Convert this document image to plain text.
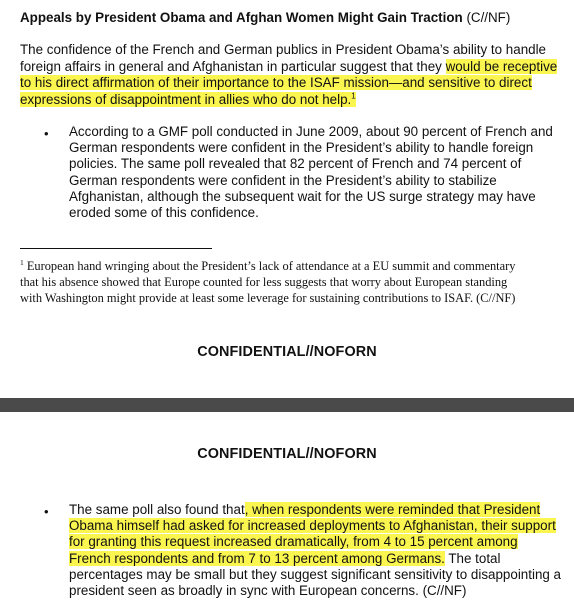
Appeals by President Obama and Afghan Women Might Gain Traction (C//NF)
The confidence of the French and German publics in President Obama’s ability to handle
foreign affairs in general and Afghanistan in particular suggest that they would be receptive
to his direct affirmation of their importance to the ISAF mission—and sensitive to direct
expressions of disappointment in allies who do not help.$^1$
• According to a GMF poll conducted in June 2009, about 90 percent of French and
German respondents were confident in the President’s ability to handle foreign
policies. The same poll revealed that 82 percent of French and 74 percent of
German respondents were confident in the President’s ability to stabilize
Afghanistan, although the subsequent wait for the US surge strategy may have
eroded some of this confidence.
$^1$ European hand wringing about the President’s lack of attendance at a EU summit and commentary
that his absence showed that Europe counted for less suggests that worry about European standing
with Washington might provide at least some leverage for sustaining contributions to ISAF. (C//NF)
CONFIDENTIAL//NOFORN
CONFIDENTIAL//NOFORN
• The same poll also found that, when respondents were reminded that President
Obama himself had asked for increased deployments to Afghanistan, their support
for granting this request increased dramatically, from 4 to 15 percent among
French respondents and from 7 to 13 percent among Germans. The total
percentages may be small but they suggest significant sensitivity to disappointing a
president seen as broadly in sync with European concerns. (C//NF)
